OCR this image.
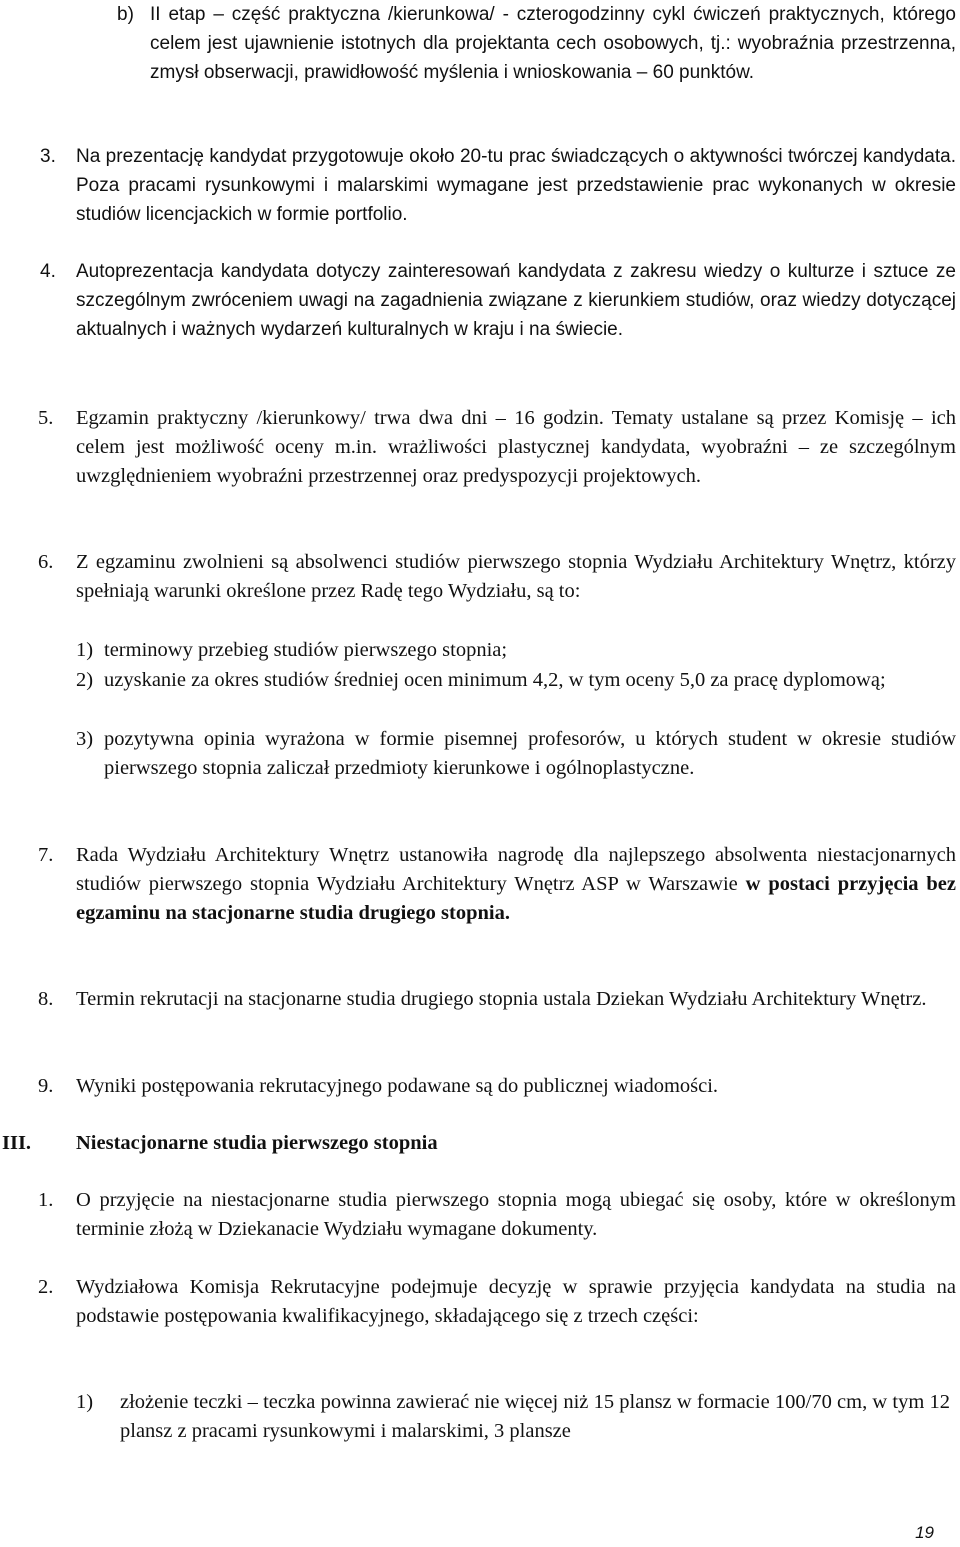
b) II etap – część praktyczna /kierunkowa/ - czterogodzinny cykl ćwiczeń praktycznych, którego celem jest ujawnienie istotnych dla projektanta cech osobowych, tj.: wyobraźnia przestrzenna, zmysł obserwacji, prawidłowość myślenia i wnioskowania – 60 punktów.

3. Na prezentację kandydat przygotowuje około 20-tu prac świadczących o aktywności twórczej kandydata. Poza pracami rysunkowymi i malarskimi wymagane jest przedstawienie prac wykonanych w okresie studiów licencjackich w formie portfolio.

4. Autoprezentacja kandydata dotyczy zainteresowań kandydata z zakresu wiedzy o kulturze i sztuce ze szczególnym zwróceniem uwagi na zagadnienia związane z kierunkiem studiów, oraz wiedzy dotyczącej aktualnych i ważnych wydarzeń kulturalnych w kraju i na świecie.

5. Egzamin praktyczny /kierunkowy/ trwa dwa dni – 16 godzin. Tematy ustalane są przez Komisję – ich celem jest możliwość oceny m.in. wrażliwości plastycznej kandydata, wyobraźni – ze szczególnym uwzględnieniem wyobraźni przestrzennej oraz predyspozycji projektowych.

6. Z egzaminu zwolnieni są absolwenci studiów pierwszego stopnia Wydziału Architektury Wnętrz, którzy spełniają warunki określone przez Radę tego Wydziału, są to:

1) terminowy przebieg studiów pierwszego stopnia;

2) uzyskanie za okres studiów średniej ocen minimum 4,2, w tym oceny 5,0 za pracę dyplomową;

3) pozytywna opinia wyrażona w formie pisemnej profesorów, u których student w okresie studiów pierwszego stopnia zaliczał przedmioty kierunkowe i ogólnoplastyczne.

7. Rada Wydziału Architektury Wnętrz ustanowiła nagrodę dla najlepszego absolwenta niestacjonarnych studiów pierwszego stopnia Wydziału Architektury Wnętrz ASP w Warszawie w postaci przyjęcia bez egzaminu na stacjonarne studia drugiego stopnia.

8. Termin rekrutacji na stacjonarne studia drugiego stopnia ustala Dziekan Wydziału Architektury Wnętrz.

9. Wyniki postępowania rekrutacyjnego podawane są do publicznej wiadomości.

III. Niestacjonarne studia pierwszego stopnia

1. O przyjęcie na niestacjonarne studia pierwszego stopnia mogą ubiegać się osoby, które w określonym terminie złożą w Dziekanacie Wydziału wymagane dokumenty.

2. Wydziałowa Komisja Rekrutacyjne podejmuje decyzję w sprawie przyjęcia kandydata na studia na podstawie postępowania kwalifikacyjnego, składającego się z trzech części:

1) złożenie teczki – teczka powinna zawierać nie więcej niż 15 plansz w formacie 100/70 cm, w tym 12 plansz z pracami rysunkowymi i malarskimi, 3 plansze

19
